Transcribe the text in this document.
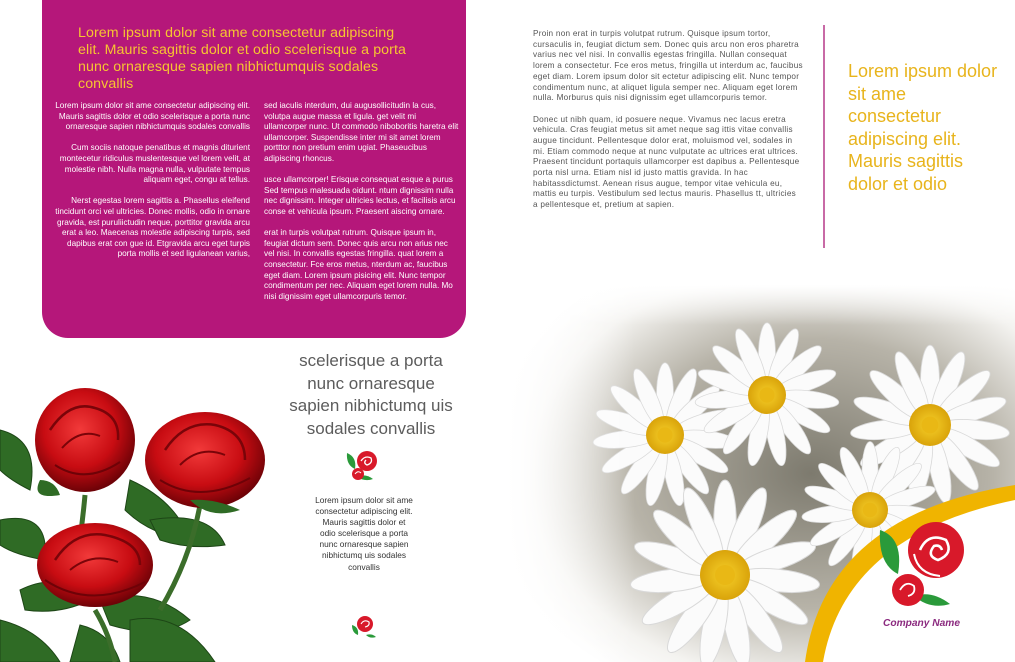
Lorem ipsum dolor sit ame consectetur adipiscing elit. Mauris sagittis dolor et odio scelerisque a porta nunc ornaresque sapien nibhictumquis sodales convallis

Lorem ipsum dolor sit ame consectetur adipiscing elit. Mauris sagittis dolor et odio scelerisque a porta nunc ornaresque sapien nibhictumquis sodales convallis

Cum sociis natoque penatibus et magnis diturient montecetur ridiculus muslentesque vel lorem velit, at molestie nibh. Nulla magna nulla, vulputate tempus aliquam eget, congu at tellus.

Nerst egestas lorem sagittis a. Phasellus eleifend tincidunt orci vel ultricies. Donec mollis, odio in ornare gravida, est puruliictudin neque, porttitor gravida arcu erat a leo. Maecenas molestie adipiscing turpis, sed dapibus erat con gue id. Etgravida arcu eget turpis porta mollis et sed ligulanean varius,

sed iaculis interdum, dui augusollicitudin la cus, volutpa augue massa et ligula. get velit mi ullamcorper nunc. Ut commodo niboboritis haretra elit ullamcorper. Suspendisse inter mi sit amet lorem portttor non pretium enim ugiat. Phaseucibus adipiscing rhoncus.

usce ullamcorper! Erisque consequat esque a purus Sed tempus malesuada oidunt. ntum dignissim nulla nec dignissim. Integer ultricies lectus, et facilisis arcu conse et vehicula ipsum. Praesent aiscing ornare.

erat in turpis volutpat rutrum. Quisque ipsum in, feugiat dictum sem. Donec quis arcu non arius nec vel nisi. In convallis egestas fringilla. quat lorem a consectetur. Fce eros metus, nterdum ac, faucibus eget diam. Lorem ipsum pisicing elit. Nunc tempor condimentum per nec. Aliquam eget lorem nulla. Mo nisi dignissim eget ullamcorpuris temor.

scelerisque a porta nunc ornaresque sapien nibhictumq uis sodales convallis
Lorem ipsum dolor sit ame consectetur adipiscing elit. Mauris sagittis dolor et odio scelerisque a porta nunc ornaresque sapien nibhictumq uis sodales convallis

Proin non erat in turpis volutpat rutrum. Quisque ipsum tortor, cursaculis in, feugiat dictum sem. Donec quis arcu non eros pharetra varius nec vel nisi. In convallis egestas fringilla. Nullan consequat lorem a consectetur. Fce eros metus, fringilla ut interdum ac, faucibus eget diam. Lorem ipsum dolor sit ectetur adipiscing elit. Nunc tempor condimentum nunc, at aliquet ligula semper nec. Aliquam eget lorem nulla. Morburus quis nisi dignissim eget ullamcorpuris temor.

Donec ut nibh quam, id posuere neque. Vivamus nec lacus eretra vehicula. Cras feugiat metus sit amet neque sag ittis vitae convallis augue tincidunt. Pellentesque dolor erat, moluismod vel, sodales in mi. Etiam commodo neque at nunc vulputate ac ultrices erat ultrices. Praesent tincidunt portaquis ullamcorper est dapibus a. Pellentesque porta nisl urna. Etiam nisl id justo mattis gravida. In hac habitassdictumst. Aenean risus augue, tempor vitae vehicula eu, mattis eu turpis. Vestibulum sed lectus mauris. Phasellus tt, ultricies a pellentesque et, pretium at sapien.

Lorem ipsum dolor sit ame consectetur adipiscing elit. Mauris sagittis dolor et odio
Company Name
